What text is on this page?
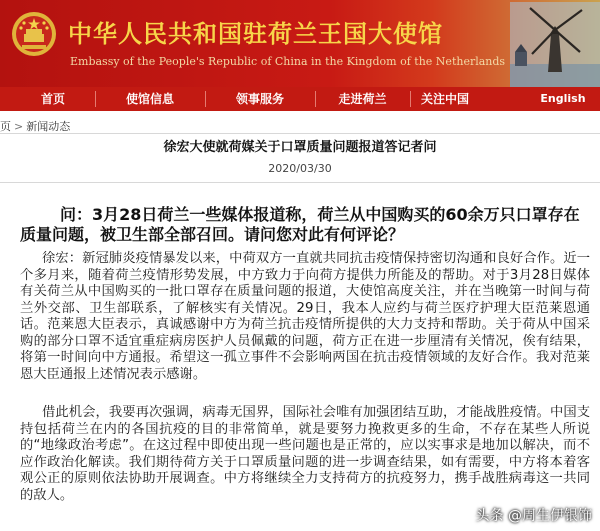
中华人民共和国驻荷兰王国大使馆
Embassy of the People's Republic of China in the Kingdom of the Netherlands
首页	使馆信息	领事服务	走进荷兰	关注中国	English
页 > 新闻动态
徐宏大使就荷媒关于口罩质量问题报道答记者问
2020/03/30

问：3月28日荷兰一些媒体报道称，荷兰从中国购买的60余万只口罩存在质量问题，被卫生部全部召回。请问您对此有何评论？

徐宏：新冠肺炎疫情暴发以来，中荷双方一直就共同抗击疫情保持密切沟通和良好合作。近一个多月来，随着荷兰疫情形势发展，中方致力于向荷方提供力所能及的帮助。对于3月28日媒体有关荷兰从中国购买的一批口罩存在质量问题的报道，大使馆高度关注，并在当晚第一时间与荷兰外交部、卫生部联系，了解核实有关情况。29日，我本人应约与荷兰医疗护理大臣范莱恩通话。范莱恩大臣表示，真诚感谢中方为荷兰抗击疫情所提供的大力支持和帮助。关于荷从中国采购的部分口罩不适宜重症病房医护人员佩戴的问题，荷方正在进一步厘清有关情况，俟有结果，将第一时间向中方通报。希望这一孤立事件不会影响两国在抗击疫情领域的友好合作。我对范莱恩大臣通报上述情况表示感谢。

借此机会，我要再次强调，病毒无国界，国际社会唯有加强团结互助，才能战胜疫情。中国支持包括荷兰在内的各国抗疫的目的非常简单，就是要努力挽救更多的生命，不存在某些人所说的“地缘政治考虑”。在这过程中即使出现一些问题也是正常的，应以实事求是地加以解决，而不应作政治化解读。我们期待荷方关于口罩质量问题的进一步调查结果，如有需要，中方将本着客观公正的原则依法协助开展调查。中方将继续全力支持荷方的抗疫努力，携手战胜病毒这一共同的敌人。

头条 @周生伊银饰
